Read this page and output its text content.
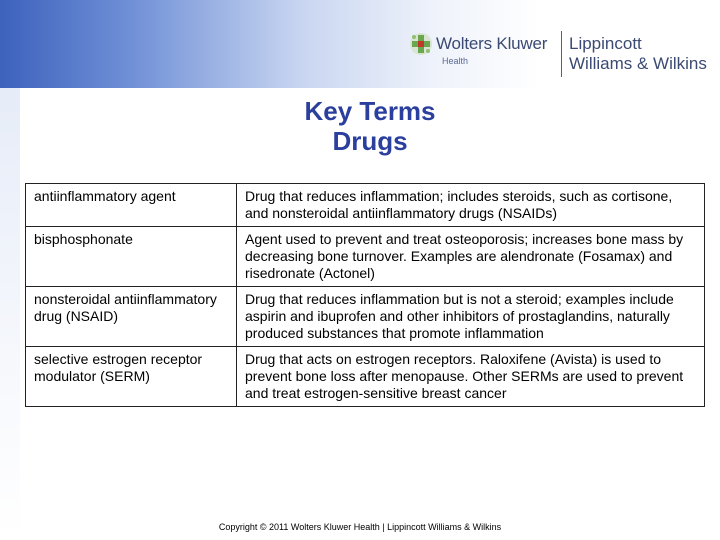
Wolters Kluwer
Health
Lippincott
Williams & Wilkins
Key Terms
Drugs
antiinflammatory agent	Drug that reduces inflammation; includes steroids, such as cortisone, and nonsteroidal antiinflammatory drugs (NSAIDs)
bisphosphonate	Agent used to prevent and treat osteoporosis; increases bone mass by decreasing bone turnover. Examples are alendronate (Fosamax) and risedronate (Actonel)
nonsteroidal antiinflammatory drug (NSAID)	Drug that reduces inflammation but is not a steroid; examples include aspirin and ibuprofen and other inhibitors of prostaglandins, naturally produced substances that promote inflammation
selective estrogen receptor modulator (SERM)	Drug that acts on estrogen receptors. Raloxifene (Avista) is used to prevent bone loss after menopause. Other SERMs are used to prevent and treat estrogen-sensitive breast cancer
Copyright © 2011 Wolters Kluwer Health | Lippincott Williams & Wilkins
